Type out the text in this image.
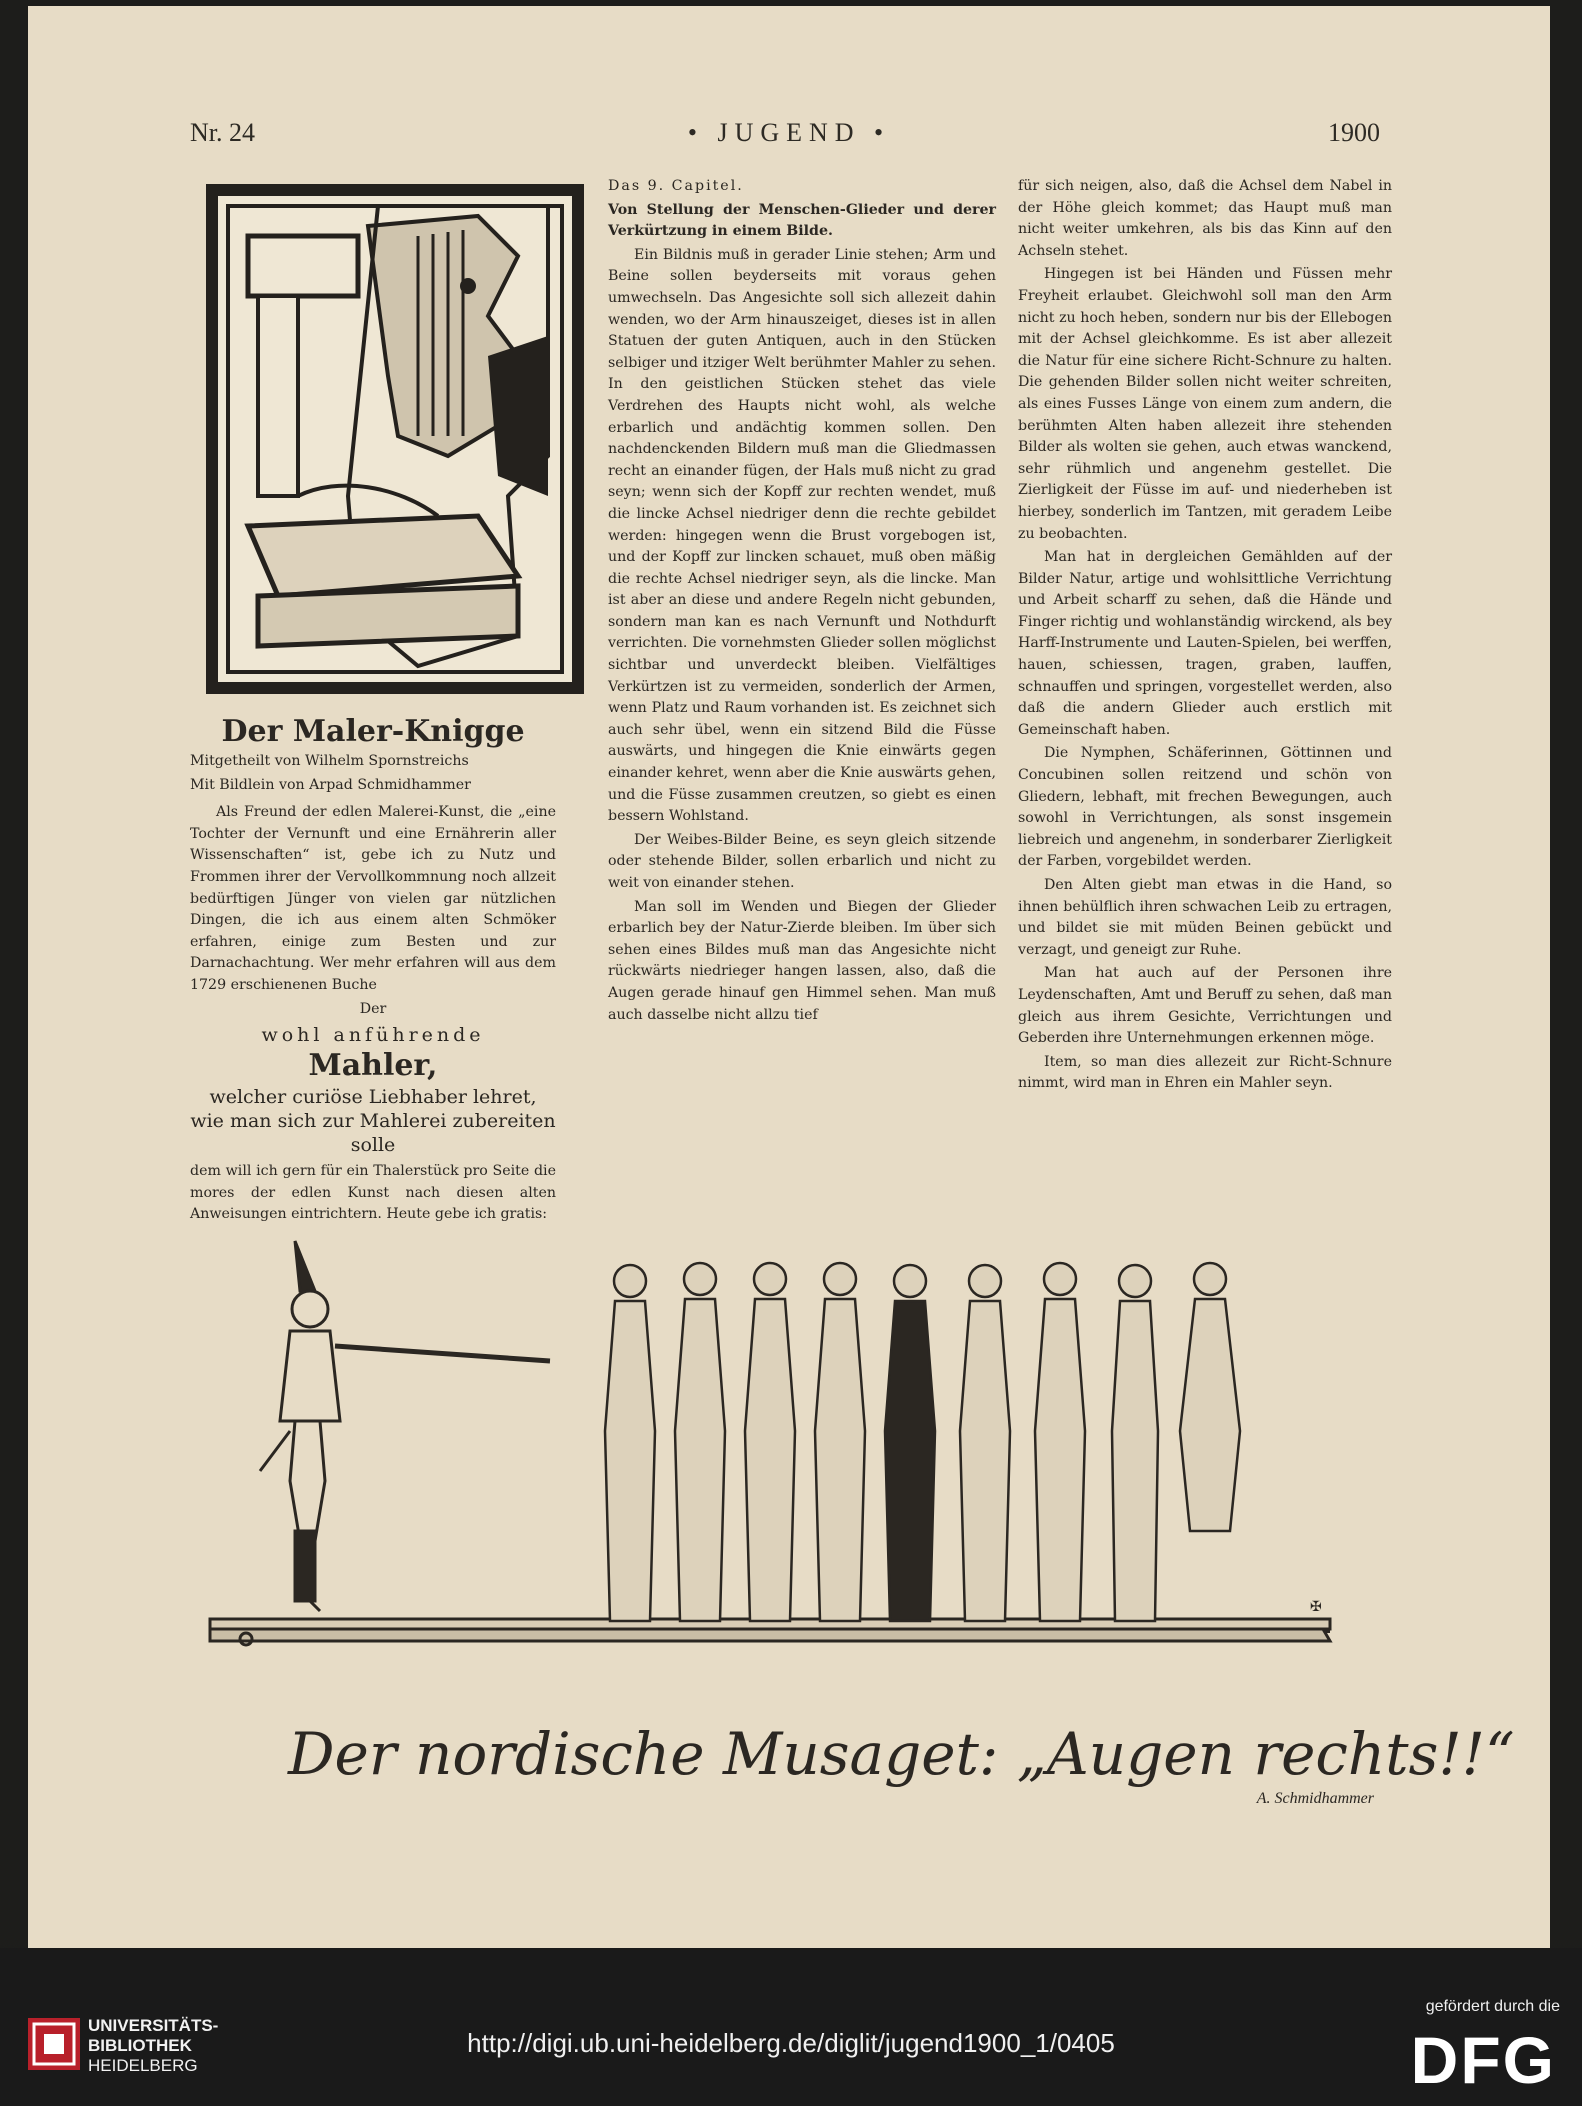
Nr. 24	• JUGEND •	1900
Der Maler-Knigge

Mitgetheilt von Wilhelm Spornstreichs

Mit Bildlein von Arpad Schmidhammer

Als Freund der edlen Malerei-Kunst, die „eine Tochter der Vernunft und eine Ernährerin aller Wissenschaften“ ist, gebe ich zu Nutz und Frommen ihrer der Vervollkommnung noch allzeit bedürftigen Jünger von vielen gar nützlichen Dingen, die ich aus einem alten Schmöker erfahren, einige zum Besten und zur Darnachachtung. Wer mehr erfahren will aus dem 1729 erschienenen Buche

Der

wohl anführende
Mahler,
welcher curiöse Liebhaber lehret,
wie man sich zur Mahlerei zubereiten
solle

dem will ich gern für ein Thalerstück pro Seite die mores der edlen Kunst nach diesen alten Anweisungen eintrichtern. Heute gebe ich gratis:

Das 9. Capitel.

Von Stellung der Menschen-Glieder und derer Verkürtzung in einem Bilde.

Ein Bildnis muß in gerader Linie stehen; Arm und Beine sollen beyderseits mit voraus gehen umwechseln. Das Angesichte soll sich allezeit dahin wenden, wo der Arm hinauszeiget, dieses ist in allen Statuen der guten Antiquen, auch in den Stücken selbiger und itziger Welt berühmter Mahler zu sehen. In den geistlichen Stücken stehet das viele Verdrehen des Haupts nicht wohl, als welche erbarlich und andächtig kommen sollen. Den nachdenckenden Bildern muß man die Gliedmassen recht an einander fügen, der Hals muß nicht zu grad seyn; wenn sich der Kopff zur rechten wendet, muß die lincke Achsel niedriger denn die rechte gebildet werden: hingegen wenn die Brust vorgebogen ist, und der Kopff zur lincken schauet, muß oben mäßig die rechte Achsel niedriger seyn, als die lincke. Man ist aber an diese und andere Regeln nicht gebunden, sondern man kan es nach Vernunft und Nothdurft verrichten. Die vornehmsten Glieder sollen möglichst sichtbar und unverdeckt bleiben. Vielfältiges Verkürtzen ist zu vermeiden, sonderlich der Armen, wenn Platz und Raum vorhanden ist. Es zeichnet sich auch sehr übel, wenn ein sitzend Bild die Füsse auswärts, und hingegen die Knie einwärts gegen einander kehret, wenn aber die Knie auswärts gehen, und die Füsse zusammen creutzen, so giebt es einen bessern Wohlstand.

Der Weibes-Bilder Beine, es seyn gleich sitzende oder stehende Bilder, sollen erbarlich und nicht zu weit von einander stehen.

Man soll im Wenden und Biegen der Glieder erbarlich bey der Natur-Zierde bleiben. Im über sich sehen eines Bildes muß man das Angesichte nicht rückwärts niedrieger hangen lassen, also, daß die Augen gerade hinauf gen Himmel sehen. Man muß auch dasselbe nicht allzu tief

für sich neigen, also, daß die Achsel dem Nabel in der Höhe gleich kommet; das Haupt muß man nicht weiter umkehren, als bis das Kinn auf den Achseln stehet.

Hingegen ist bei Händen und Füssen mehr Freyheit erlaubet. Gleichwohl soll man den Arm nicht zu hoch heben, sondern nur bis der Ellebogen mit der Achsel gleichkomme. Es ist aber allezeit die Natur für eine sichere Richt-Schnure zu halten. Die gehenden Bilder sollen nicht weiter schreiten, als eines Fusses Länge von einem zum andern, die berühmten Alten haben allezeit ihre stehenden Bilder als wolten sie gehen, auch etwas wanckend, sehr rühmlich und angenehm gestellet. Die Zierligkeit der Füsse im auf- und niederheben ist hierbey, sonderlich im Tantzen, mit geradem Leibe zu beobachten.

Man hat in dergleichen Gemählden auf der Bilder Natur, artige und wohlsittliche Verrichtung und Arbeit scharff zu sehen, daß die Hände und Finger richtig und wohlanständig wirckend, als bey Harff-Instrumente und Lauten-Spielen, bei werffen, hauen, schiessen, tragen, graben, lauffen, schnauffen und springen, vorgestellet werden, also daß die andern Glieder auch erstlich mit Gemeinschaft haben.

Die Nymphen, Schäferinnen, Göttinnen und Concubinen sollen reitzend und schön von Gliedern, lebhaft, mit frechen Bewegungen, auch sowohl in Verrichtungen, als sonst insgemein liebreich und angenehm, in sonderbarer Zierligkeit der Farben, vorgebildet werden.

Den Alten giebt man etwas in die Hand, so ihnen behülflich ihren schwachen Leib zu ertragen, und bildet sie mit müden Beinen gebückt und verzagt, und geneigt zur Ruhe.

Man hat auch auf der Personen ihre Leydenschaften, Amt und Beruff zu sehen, daß man gleich aus ihrem Gesichte, Verrichtungen und Geberden ihre Unternehmungen erkennen möge.

Item, so man dies allezeit zur Richt-Schnure nimmt, wird man in Ehren ein Mahler seyn.

✠
Der nordische Musaget: „Augen rechts!!“
A. Schmidhammer
UNIVERSITÄTS-
BIBLIOTHEK
HEIDELBERG
http://digi.ub.uni-heidelberg.de/diglit/jugend1900_1/0405
gefördert durch die
DFG
